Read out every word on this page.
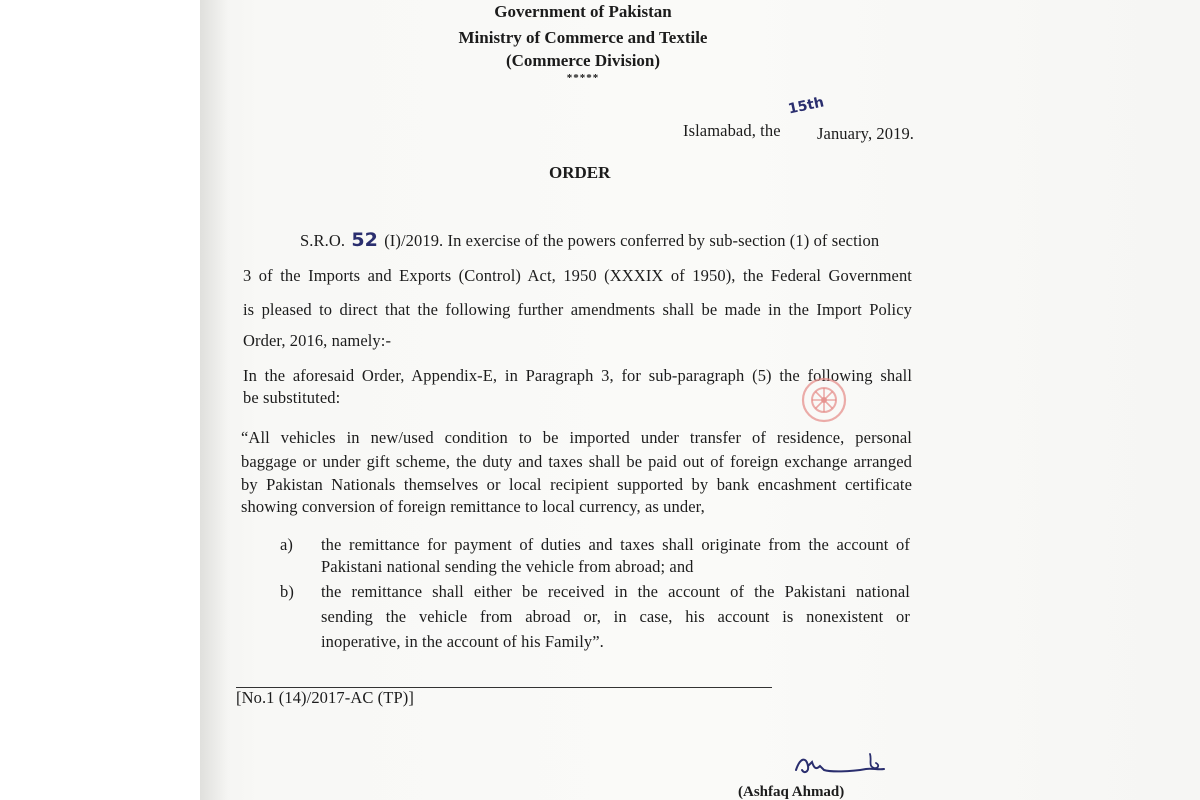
Government of Pakistan
Ministry of Commerce and Textile
(Commerce Division)
*****
15th
Islamabad, the January, 2019.
ORDER
S.R.O. 52 (I)/2019. In exercise of the powers conferred by sub-section (1) of section
3 of the Imports and Exports (Control) Act, 1950 (XXXIX of 1950), the Federal Government
is pleased to direct that the following further amendments shall be made in the Import Policy
Order, 2016, namely:-
In the aforesaid Order, Appendix-E, in Paragraph 3, for sub-paragraph (5) the following shall
be substituted:
“All vehicles in new/used condition to be imported under transfer of residence, personal
baggage or under gift scheme, the duty and taxes shall be paid out of foreign exchange arranged
by Pakistan Nationals themselves or local recipient supported by bank encashment certificate
showing conversion of foreign remittance to local currency, as under,
a) the remittance for payment of duties and taxes shall originate from the account of
Pakistani national sending the vehicle from abroad; and
b) the remittance shall either be received in the account of the Pakistani national
sending the vehicle from abroad or, in case, his account is nonexistent or
inoperative, in the account of his Family”.
[No.1 (14)/2017-AC (TP)]
(Ashfaq Ahmad)
